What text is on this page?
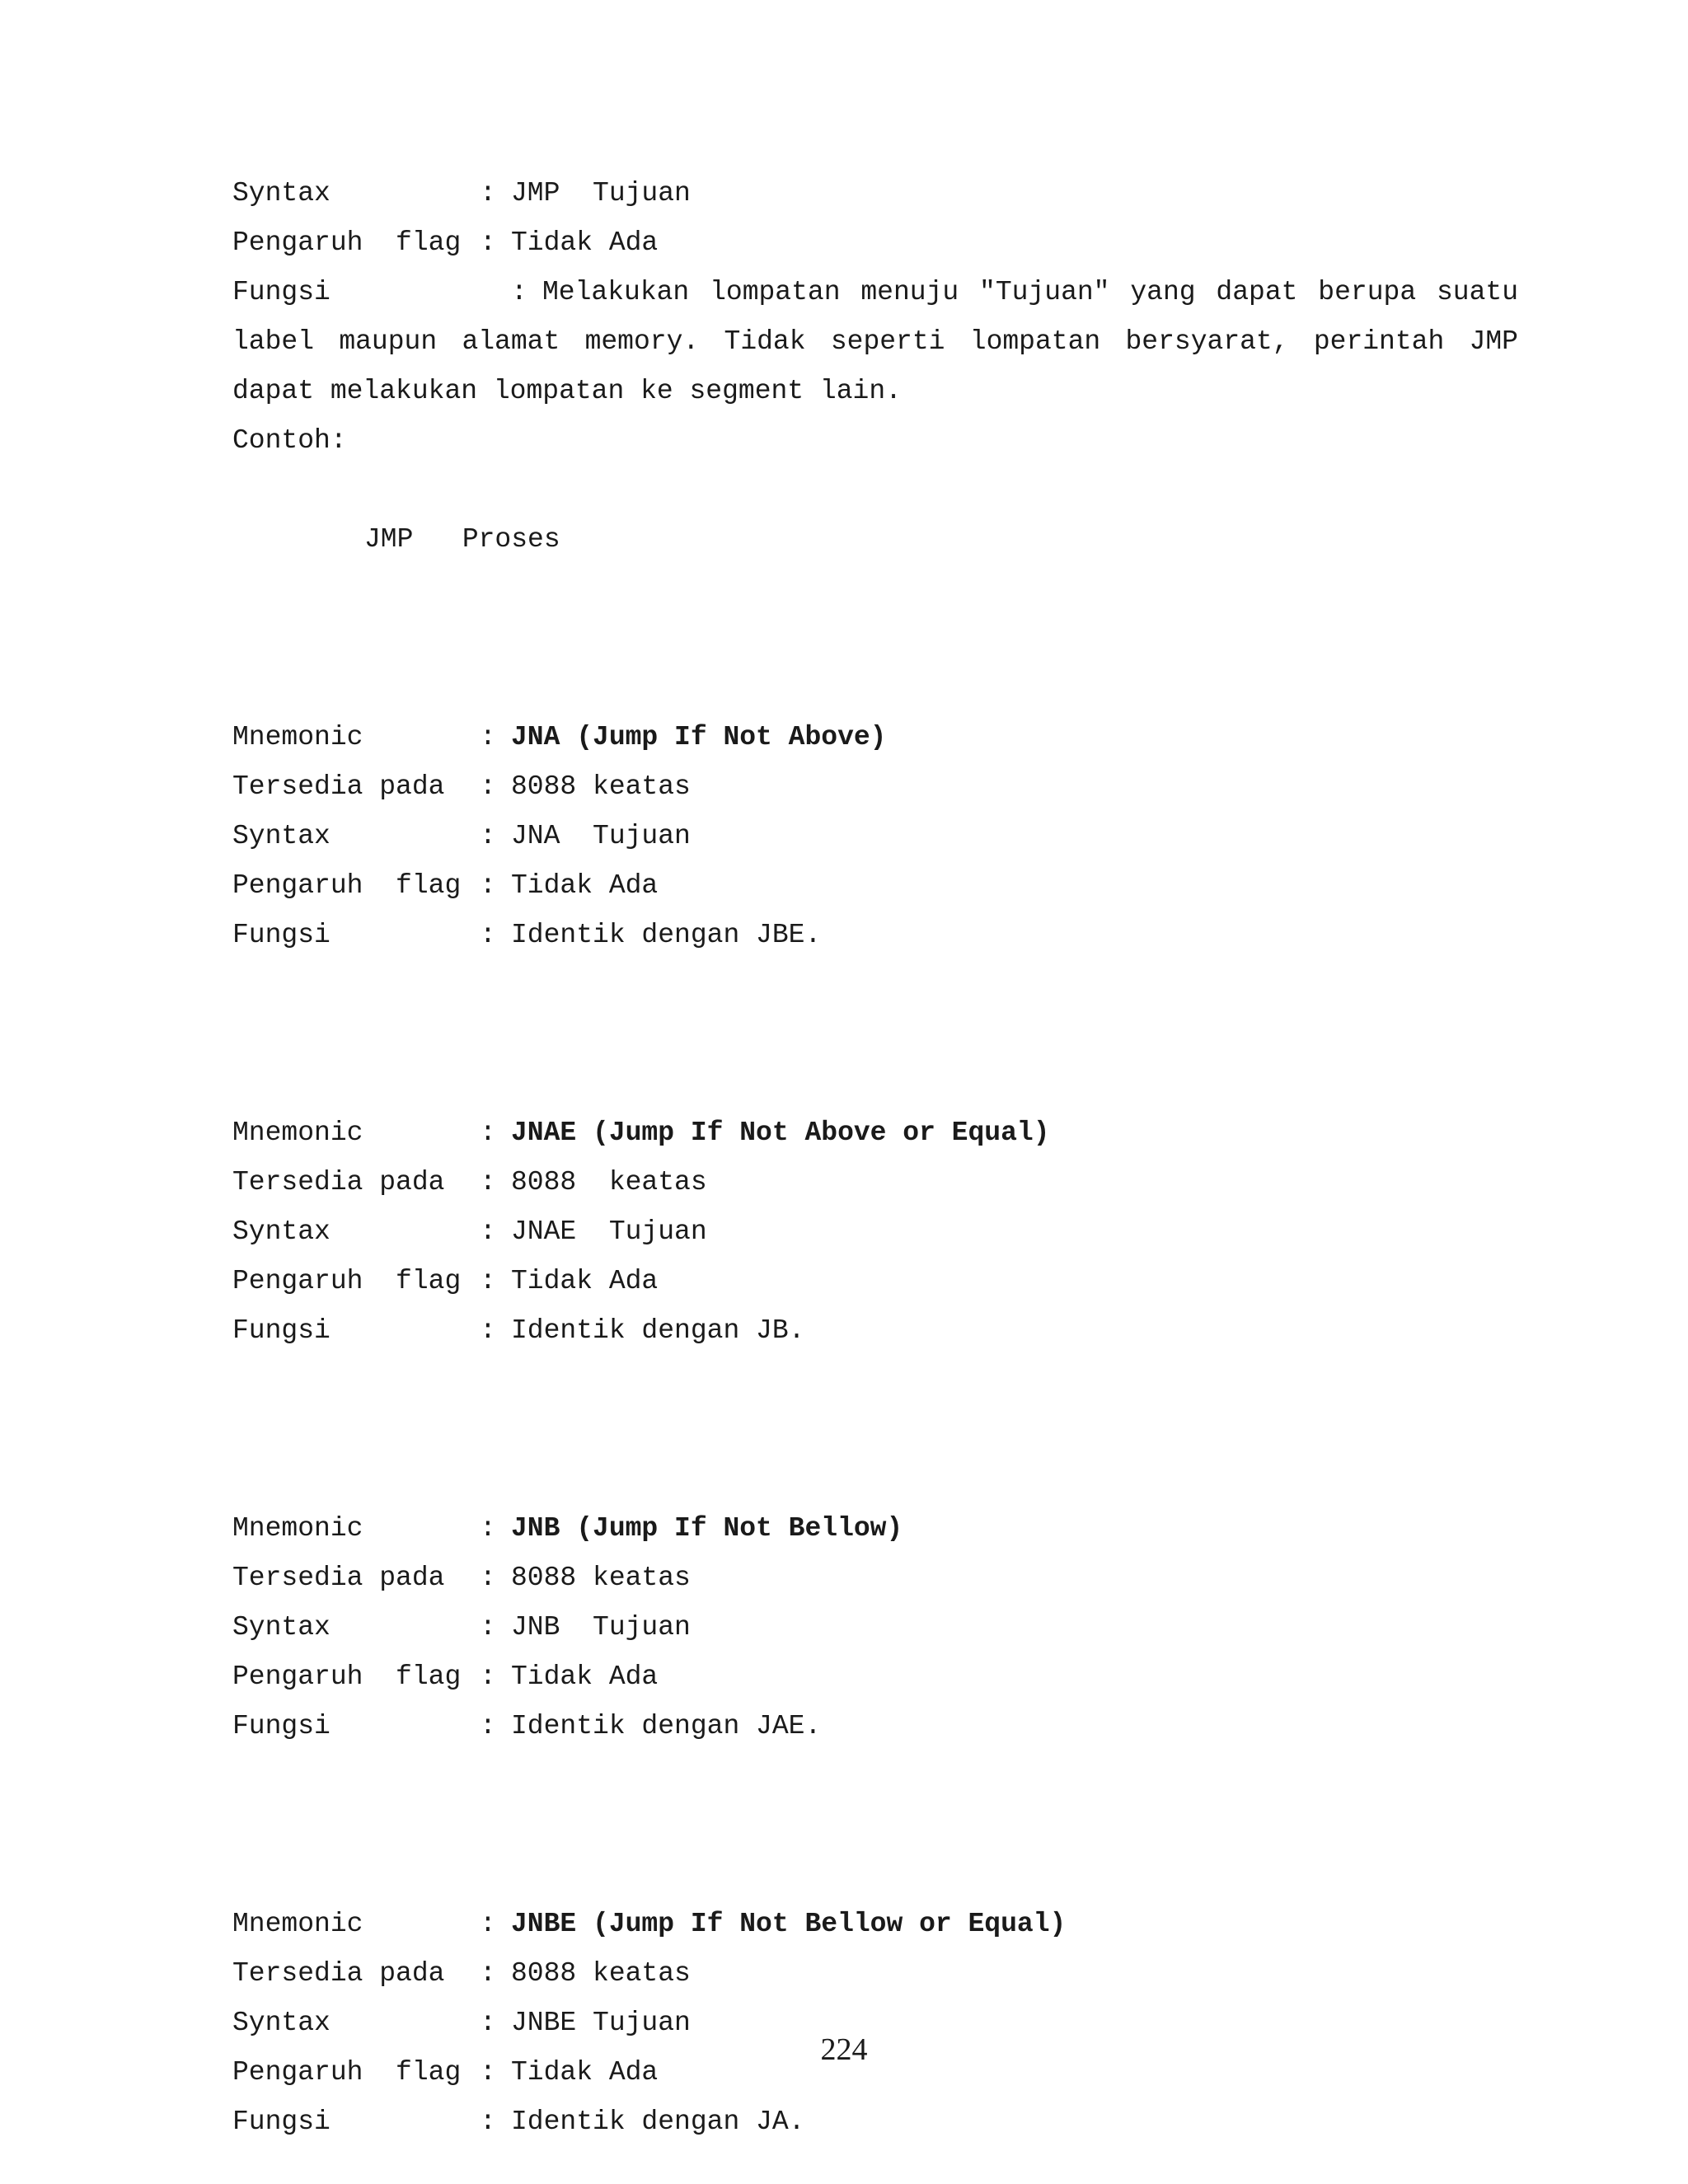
Syntax	: JMP  Tujuan
Pengaruh  flag : Tidak Ada
Fungsi	: Melakukan lompatan menuju "Tujuan" yang dapat berupa suatu
label maupun alamat memory. Tidak seperti lompatan bersyarat, perintah JMP
dapat melakukan lompatan ke segment lain.
Contoh:
JMP   Proses
Mnemonic	: JNA (Jump If Not Above)
Tersedia pada	: 8088 keatas
Syntax	: JNA  Tujuan
Pengaruh  flag : Tidak Ada
Fungsi	: Identik dengan JBE.
Mnemonic	: JNAE (Jump If Not Above or Equal)
Tersedia pada	: 8088  keatas
Syntax	: JNAE  Tujuan
Pengaruh  flag : Tidak Ada
Fungsi	: Identik dengan JB.
Mnemonic	: JNB (Jump If Not Bellow)
Tersedia pada	: 8088 keatas
Syntax	: JNB  Tujuan
Pengaruh  flag : Tidak Ada
Fungsi	: Identik dengan JAE.
Mnemonic	: JNBE (Jump If Not Bellow or Equal)
Tersedia pada	: 8088 keatas
Syntax	: JNBE Tujuan
Pengaruh  flag : Tidak Ada
Fungsi	: Identik dengan JA.
224
